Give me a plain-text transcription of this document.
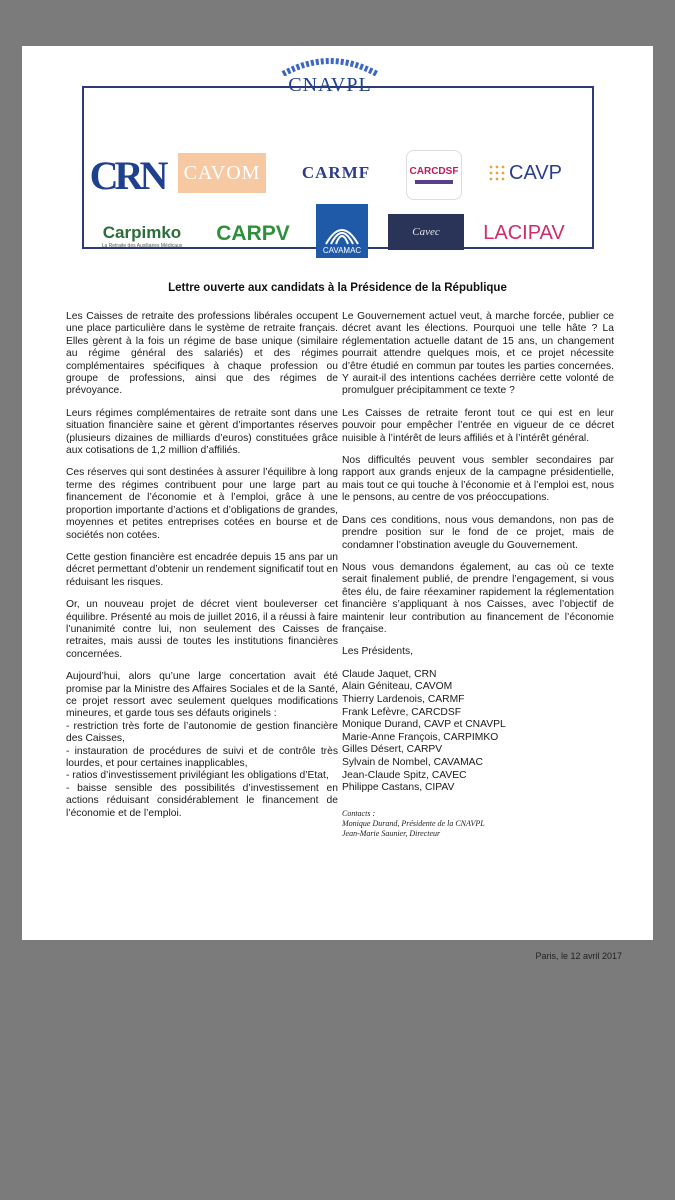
CNAVPL
CRN CAVOM CARMF	CARCDSF	CAVP
Carpimko
La Retraite des Auxiliaires Médicaux
CARPV
CAVAMAC
Cavec LACIPAV
Lettre ouverte aux candidats à la Présidence de la République

Les Caisses de retraite des professions libérales occupent une place particulière dans le système de retraite français. Elles gèrent à la fois un régime de base unique (similaire au régime général des salariés) et des régimes complémentaires spécifiques à chaque profession ou groupe de professions, ainsi que des régimes de prévoyance.

Leurs régimes complémentaires de retraite sont dans une situation financière saine et gèrent d’importantes réserves (plusieurs dizaines de milliards d’euros) constituées grâce aux cotisations de 1,2 million d’affiliés.

Ces réserves qui sont destinées à assurer l’équilibre à long terme des régimes contribuent pour une large part au financement de l’économie et à l’emploi, grâce à une proportion importante d’actions et d’obligations de grandes, moyennes et petites entreprises cotées en bourse et de sociétés non cotées.

Cette gestion financière est encadrée depuis 15 ans par un décret permettant d’obtenir un rendement significatif tout en réduisant les risques.

Or, un nouveau projet de décret vient bouleverser cet équilibre. Présenté au mois de juillet 2016, il a réussi à faire l’unanimité contre lui, non seulement des Caisses de retraites, mais aussi de toutes les institutions financières concernées.

Aujourd’hui, alors qu’une large concertation avait été promise par la Ministre des Affaires Sociales et de la Santé, ce projet ressort avec seulement quelques modifications mineures, et garde tous ses défauts originels :

- restriction très forte de l’autonomie de gestion financière des Caisses,

- instauration de procédures de suivi et de contrôle très lourdes, et pour certaines inapplicables,

- ratios d’investissement privilégiant les obligations d’Etat,

- baisse sensible des possibilités d’investissement en actions réduisant considérablement le financement de l’économie et de l’emploi.

Le Gouvernement actuel veut, à marche forcée, publier ce décret avant les élections. Pourquoi une telle hâte ? La réglementation actuelle datant de 15 ans, un changement pourrait attendre quelques mois, et ce projet nécessite d’être étudié en commun par toutes les parties concernées. Y aurait-il des intentions cachées derrière cette volonté de promulguer précipitamment ce texte ?

Les Caisses de retraite feront tout ce qui est en leur pouvoir pour empêcher l’entrée en vigueur de ce décret nuisible à l’intérêt de leurs affiliés et à l’intérêt général.

Nos difficultés peuvent vous sembler secondaires par rapport aux grands enjeux de la campagne présidentielle, mais tout ce qui touche à l’économie et à l’emploi est, nous le pensons, au centre de vos préoccupations.

Dans ces conditions, nous vous demandons, non pas de prendre position sur le fond de ce projet, mais de condamner l’obstination aveugle du Gouvernement.

Nous vous demandons également, au cas où ce texte serait finalement publié, de prendre l’engagement, si vous êtes élu, de faire réexaminer rapidement la réglementation financière s’appliquant à nos Caisses, avec l’objectif de maintenir leur contribution au financement de l’économie française.

Les Présidents,
Claude Jaquet, CRN
Alain Géniteau, CAVOM
Thierry Lardenois, CARMF
Frank Lefèvre, CARCDSF
Monique Durand, CAVP et CNAVPL
Marie-Anne François, CARPIMKO
Gilles Désert, CARPV
Sylvain de Nombel, CAVAMAC
Jean-Claude Spitz, CAVEC
Philippe Castans, CIPAV
Contacts :
Monique Durand, Présidente de la CNAVPL
Jean-Marie Saunier, Directeur
Paris, le 12 avril 2017
